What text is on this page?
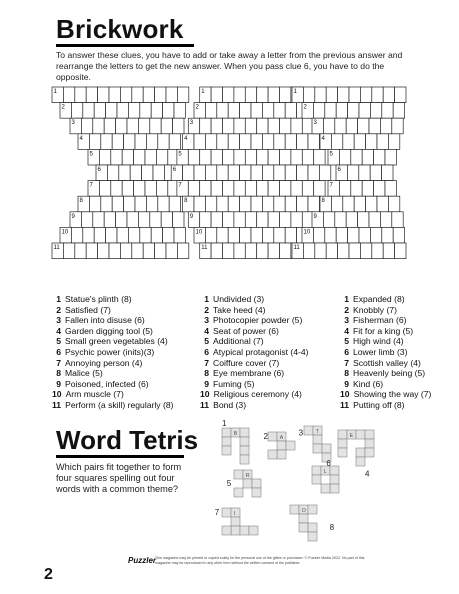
Brickwork
To answer these clues, you have to add or take away a letter from the previous answer and rearrange the letters to get the new answer. When you pass clue 6, you have to do the opposite.
1
2
3
4
5
6
7
8
9
10
11
1
2
3
4
5
6
7
8
9
10
11
1
2
3
4
5
6
7
8
9
10
11
1 Statue's plinth (8)
2 Satisfied (7)
3 Fallen into disuse (6)
4 Garden digging tool (5)
5 Small green vegetables (4)
6 Psychic power (inits)(3)
7 Annoying person (4)
8 Malice (5)
9 Poisoned, infected (6)
10 Arm muscle (7)
11 Perform (a skill) regularly (8)
1 Undivided (3)
2 Take heed (4)
3 Photocopier powder (5)
4 Seat of power (6)
5 Additional (7)
6 Atypical protagonist (4-4)
7 Coiffure cover (7)
8 Eye membrane (6)
9 Fuming (5)
10 Religious ceremony (4)
11 Bond (3)
1 Expanded (8)
2 Knobbly (7)
3 Fisherman (6)
4 Fit for a king (5)
5 High wind (4)
6 Lower limb (3)
7 Scottish valley (4)
8 Heavenly being (5)
9 Kind (6)
10 Showing the way (7)
11 Putting off (8)
Word Tetris
Which pairs fit together to form four squares spelling out four words with a common theme?
B
1
A
2
T
3	E
4
R
5
L
6
I
7	O
8
2
Puzzler
This magazine may be printed or copied solely for the personal use of the giftee or purchaser. © Puzzler Media 2022. No part of this magazine may be reproduced in any other form without the written consent of the publisher.
